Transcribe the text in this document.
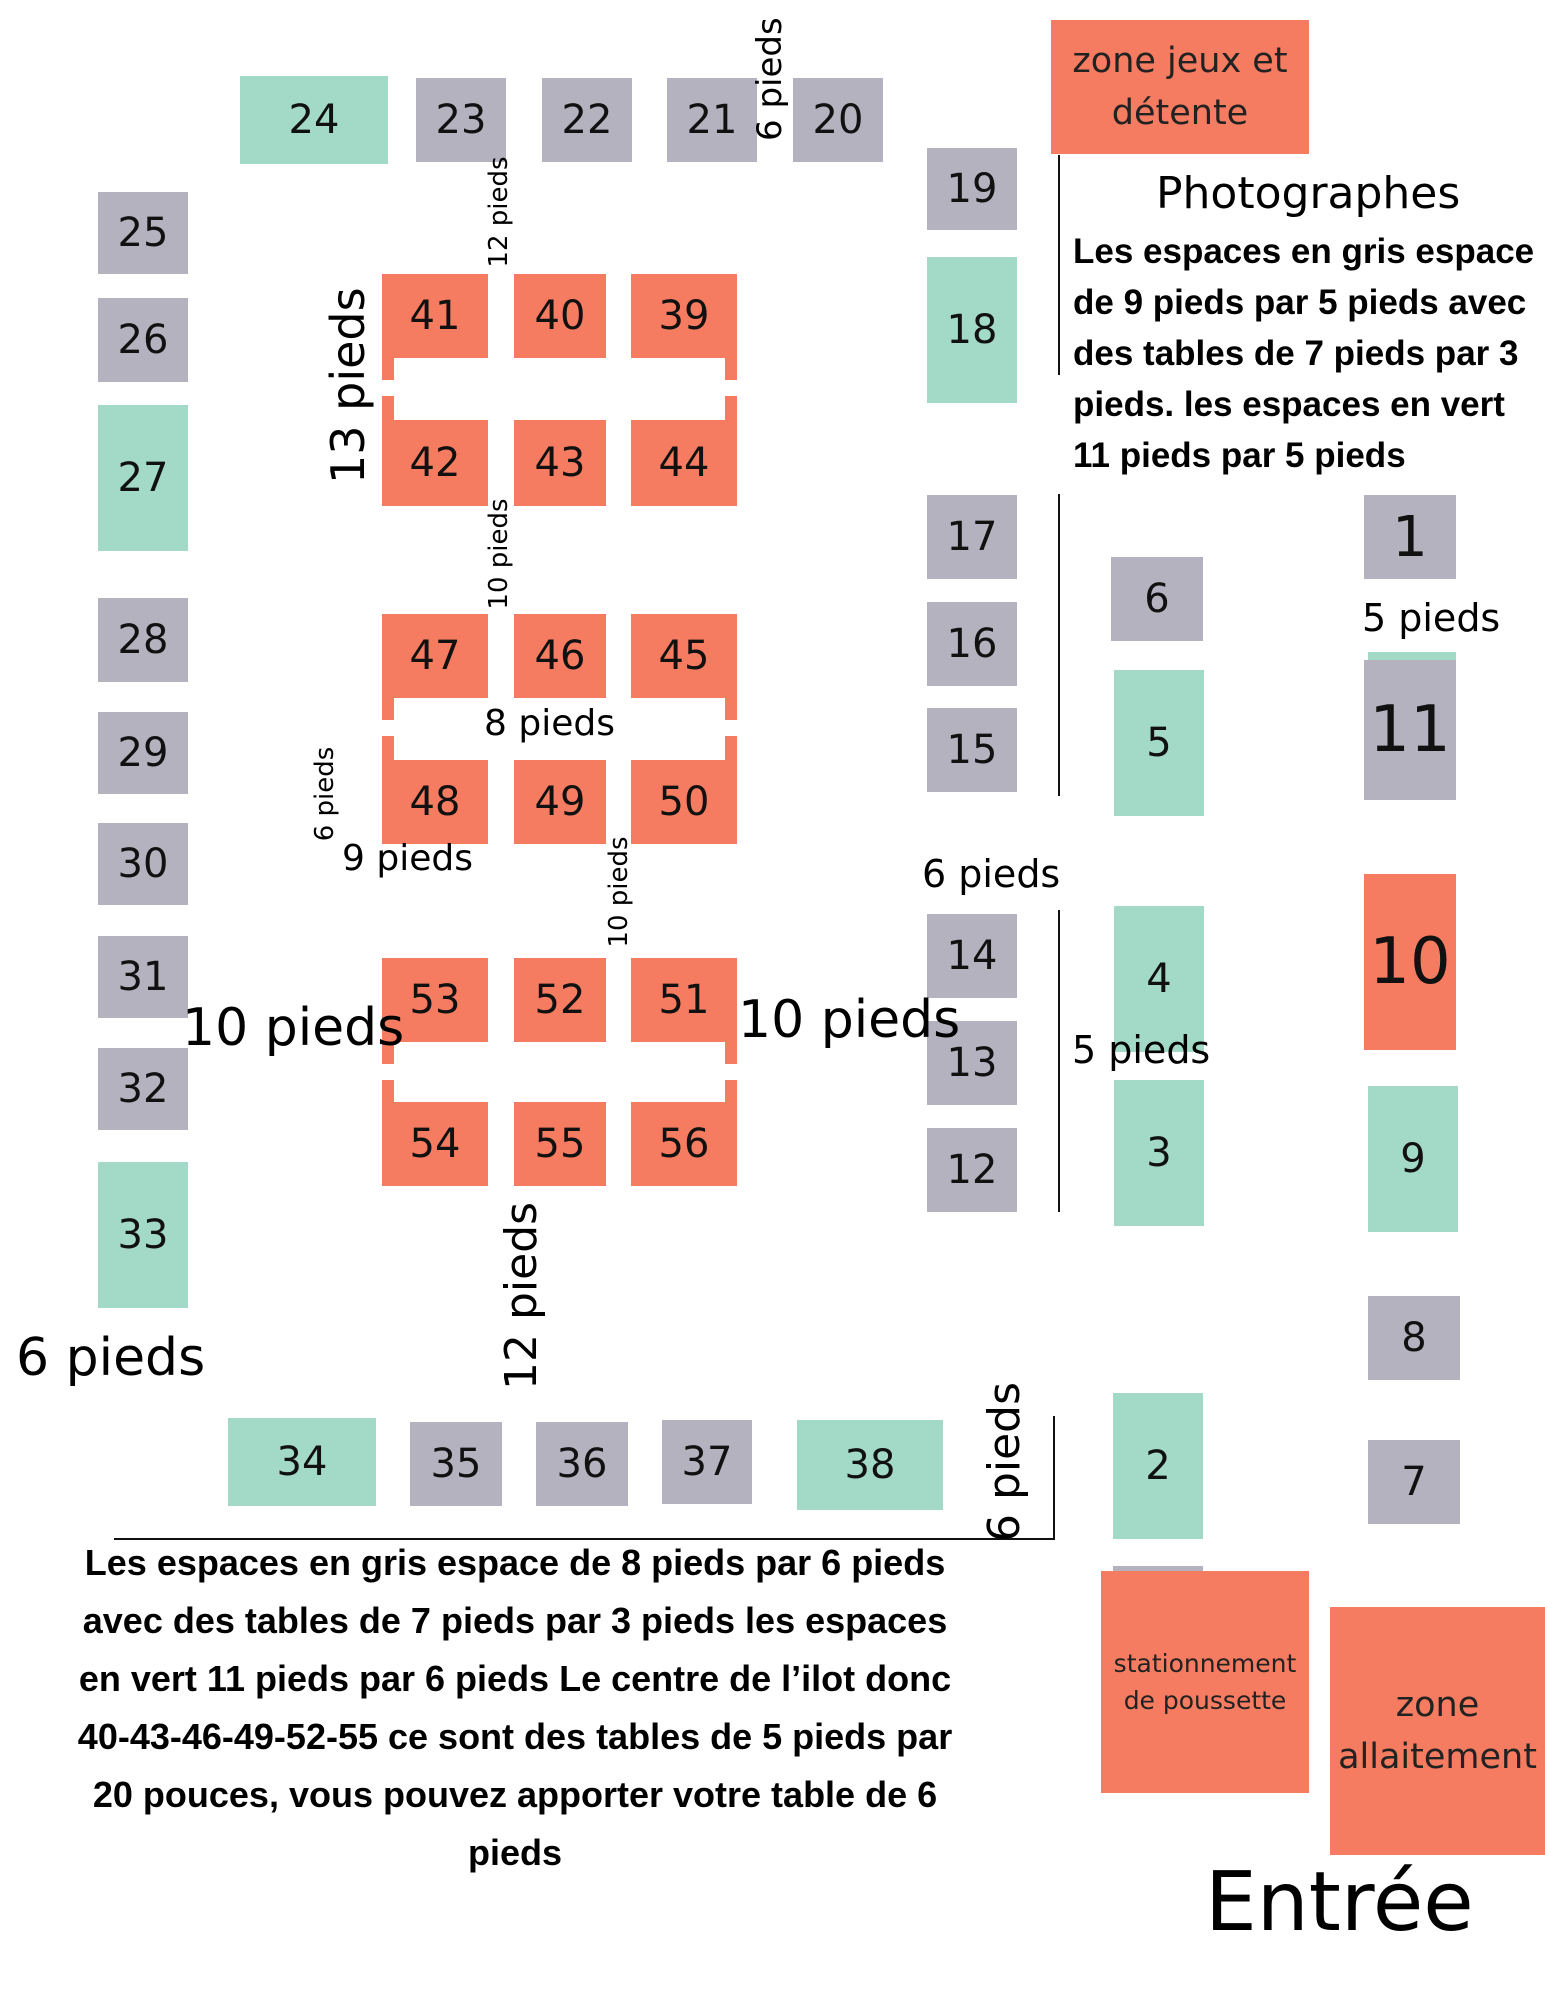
24	23	22	21	20
25
26
27
28
29
30
31
32
33
34	35	36	37	38
41	40	39
42	43	44
47	46	45
48	49	50
53	52	51
54	55	56
19
18
17
16
15
14
13
12
6
5
4
3
2
1
11
10
9
8
7
zone jeux et détente
stationnement de poussette	zone allaitement
Entrée
Photographes
Les espaces en gris espace de 9 pieds par 5 pieds avec des tables de 7 pieds par 3 pieds. les espaces en vert 11 pieds par 5 pieds
Les espaces en gris espace de 8 pieds par 6 pieds avec des tables de 7 pieds par 3 pieds les espaces en vert 11 pieds par 6 pieds Le centre de l’ilot donc 40-43-46-49-52-55 ce sont des tables de 5 pieds par 20 pouces, vous pouvez apporter votre table de 6 pieds
6 pieds
12 pieds
13 pieds
10 pieds
8 pieds
6 pieds
9 pieds	10 pieds
10 pieds	10 pieds
12 pieds
6 pieds
6 pieds
6 pieds
5 pieds
5 pieds
